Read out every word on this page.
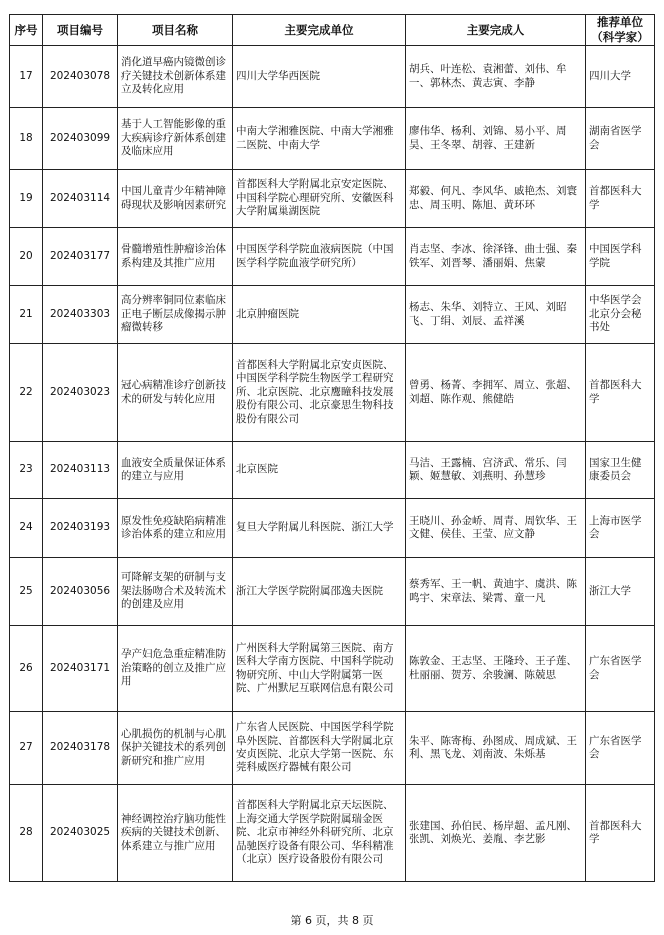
序号	项目编号	项目名称	主要完成单位	主要完成人	推荐单位（科学家）
17	202403078	消化道早癌内镜微创诊疗关键技术创新体系建立及转化应用	四川大学华西医院	胡兵、叶连松、袁湘蕾、刘伟、牟一、郭林杰、黄志寅、李静	四川大学
18	202403099	基于人工智能影像的重大疾病诊疗新体系创建及临床应用	中南大学湘雅医院、中南大学湘雅二医院、中南大学	廖伟华、杨利、刘锦、易小平、周昊、王冬翠、胡蓉、王建新	湖南省医学会
19	202403114	中国儿童青少年精神障碍现状及影响因素研究	首都医科大学附属北京安定医院、中国科学院心理研究所、安徽医科大学附属巢湖医院	郑毅、何凡、李风华、戚艳杰、刘寰忠、周玉明、陈旭、黄环环	首都医科大学
20	202403177	骨髓增殖性肿瘤诊治体系构建及其推广应用	中国医学科学院血液病医院（中国医学科学院血液学研究所）	肖志坚、李冰、徐泽锋、曲士强、秦铁军、刘晋琴、潘丽娟、焦蒙	中国医学科学院
21	202403303	高分辨率铜同位素临床正电子断层成像揭示肿瘤微转移	北京肿瘤医院	杨志、朱华、刘特立、王风、刘昭飞、丁绢、刘辰、孟祥溪	中华医学会北京分会秘书处
22	202403023	冠心病精准诊疗创新技术的研发与转化应用	首都医科大学附属北京安贞医院、中国医学科学院生物医学工程研究所、北京医院、北京鹰瞳科技发展股份有限公司、北京豪思生物科技股份有限公司	曾勇、杨菁、李拥军、周立、张超、刘超、陈作观、熊健皓	首都医科大学
23	202403113	血液安全质量保证体系的建立与应用	北京医院	马洁、王露楠、宫济武、常乐、闫颖、姬慧敏、刘燕明、孙慧珍	国家卫生健康委员会
24	202403193	原发性免疫缺陷病精准诊治体系的建立和应用	复旦大学附属儿科医院、浙江大学	王晓川、孙金峤、周青、周钦华、王文健、侯佳、王莹、应文静	上海市医学会
25	202403056	可降解支架的研制与支架法肠吻合术及转流术的创建及应用	浙江大学医学院附属邵逸夫医院	蔡秀军、王一帆、黄迪宇、虞洪、陈鸣宇、宋章法、梁霄、童一凡	浙江大学
26	202403171	孕产妇危急重症精准防治策略的创立及推广应用	广州医科大学附属第三医院、南方医科大学南方医院、中国科学院动物研究所、中山大学附属第一医院、广州默尼互联网信息有限公司	陈敦金、王志坚、王隆玲、王子莲、杜丽丽、贺芳、余骏澜、陈兢思	广东省医学会
27	202403178	心肌损伤的机制与心肌保护关键技术的系列创新研究和推广应用	广东省人民医院、中国医学科学院阜外医院、首都医科大学附属北京安贞医院、北京大学第一医院、东莞科威医疗器械有限公司	朱平、陈寄梅、孙图成、周成斌、王利、黑飞龙、刘南波、朱烁基	广东省医学会
28	202403025	神经调控治疗脑功能性疾病的关键技术创新、体系建立与推广应用	首都医科大学附属北京天坛医院、上海交通大学医学院附属瑞金医院、北京市神经外科研究所、北京品驰医疗设备有限公司、华科精准（北京）医疗设备股份有限公司	张建国、孙伯民、杨岸超、孟凡刚、张凯、刘焕光、姜胤、李艺影	首都医科大学
第 6 页，共 8 页
